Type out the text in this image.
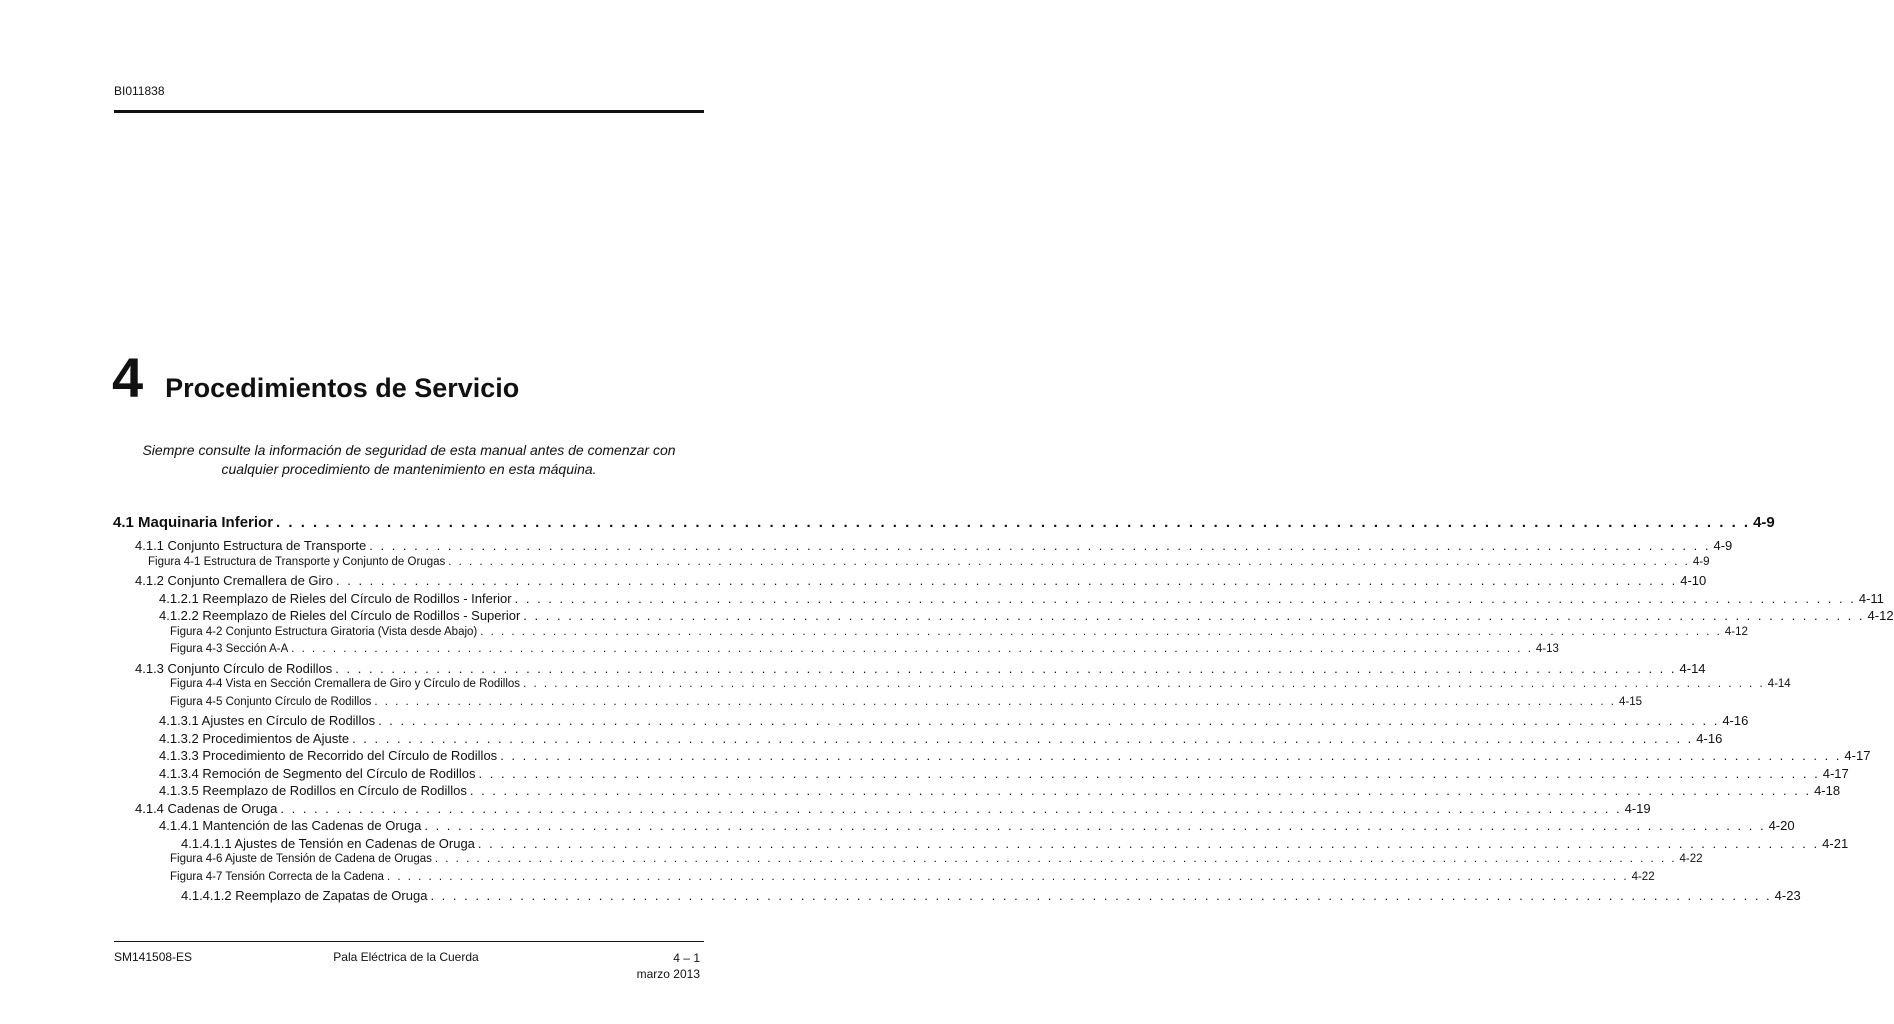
BI011838
4 Procedimientos de Servicio
Siempre consulte la información de seguridad de esta manual antes de comenzar con cualquier procedimiento de mantenimiento en esta máquina.
4.1 Maquinaria Inferior . . . . . . . . . . . . . . . . . . . . . . . . . . . . . . . . . . . . . . . . . . . . . . . . . . . . . . . . . . . . . . . . . . . . . . . . . . . . . . . . . . . . . . . . . . . . . . . . . . . . . . . . . . . . . . . . . . . . . . . . 4-9
4.1.1 Conjunto Estructura de Transporte . . . . . . . . . . . . . . . . . . . . . . . . . . . . . . . . . . . . . . . . . . . . . . . . . . . . . . . . . . . . . . . . . . . . . . . . . . . . . . . . . . . . . . . . . . . . . . . . . . . . . . . . . . . . . . . . . . . . . . . . 4-9
Figura 4-1 Estructura de Transporte y Conjunto de Orugas . . . . . . . . . . . . . . . . . . . . . . . . . . . . . . . . . . . . . . . . . . . . . . . . . . . . . . . . . . . . . . . . . . . . . . . . . . . . . . . . . . . . . . . . . . . . . . . . . . . . . . . . . . . . . . . . . . . . . . . . 4-9
4.1.2 Conjunto Cremallera de Giro . . . . . . . . . . . . . . . . . . . . . . . . . . . . . . . . . . . . . . . . . . . . . . . . . . . . . . . . . . . . . . . . . . . . . . . . . . . . . . . . . . . . . . . . . . . . . . . . . . . . . . . . . . . . . . . . . . . . . . . . 4-10
4.1.2.1 Reemplazo de Rieles del Círculo de Rodillos - Inferior . . . . . . . . . . . . . . . . . . . . . . . . . . . . . . . . . . . . . . . . . . . . . . . . . . . . . . . . . . . . . . . . . . . . . . . . . . . . . . . . . . . . . . . . . . . . . . . . . . . . . . . . . . . . . . . . . . . . . . . . 4-11
4.1.2.2 Reemplazo de Rieles del Círculo de Rodillos - Superior . . . . . . . . . . . . . . . . . . . . . . . . . . . . . . . . . . . . . . . . . . . . . . . . . . . . . . . . . . . . . . . . . . . . . . . . . . . . . . . . . . . . . . . . . . . . . . . . . . . . . . . . . . . . . . . . . . . . . . . . 4-12
Figura 4-2 Conjunto Estructura Giratoria (Vista desde Abajo) . . . . . . . . . . . . . . . . . . . . . . . . . . . . . . . . . . . . . . . . . . . . . . . . . . . . . . . . . . . . . . . . . . . . . . . . . . . . . . . . . . . . . . . . . . . . . . . . . . . . . . . . . . . . . . . . . . . . . . . . 4-12
Figura 4-3 Sección A-A . . . . . . . . . . . . . . . . . . . . . . . . . . . . . . . . . . . . . . . . . . . . . . . . . . . . . . . . . . . . . . . . . . . . . . . . . . . . . . . . . . . . . . . . . . . . . . . . . . . . . . . . . . . . . . . . . . . . . . . . 4-13
4.1.3 Conjunto Círculo de Rodillos . . . . . . . . . . . . . . . . . . . . . . . . . . . . . . . . . . . . . . . . . . . . . . . . . . . . . . . . . . . . . . . . . . . . . . . . . . . . . . . . . . . . . . . . . . . . . . . . . . . . . . . . . . . . . . . . . . . . . . . . 4-14
Figura 4-4 Vista en Sección Cremallera de Giro y Círculo de Rodillos . . . . . . . . . . . . . . . . . . . . . . . . . . . . . . . . . . . . . . . . . . . . . . . . . . . . . . . . . . . . . . . . . . . . . . . . . . . . . . . . . . . . . . . . . . . . . . . . . . . . . . . . . . . . . . . . . . . . . . . . 4-14
Figura 4-5 Conjunto Círculo de Rodillos . . . . . . . . . . . . . . . . . . . . . . . . . . . . . . . . . . . . . . . . . . . . . . . . . . . . . . . . . . . . . . . . . . . . . . . . . . . . . . . . . . . . . . . . . . . . . . . . . . . . . . . . . . . . . . . . . . . . . . . . 4-15
4.1.3.1 Ajustes en Círculo de Rodillos . . . . . . . . . . . . . . . . . . . . . . . . . . . . . . . . . . . . . . . . . . . . . . . . . . . . . . . . . . . . . . . . . . . . . . . . . . . . . . . . . . . . . . . . . . . . . . . . . . . . . . . . . . . . . . . . . . . . . . . . 4-16
4.1.3.2 Procedimientos de Ajuste . . . . . . . . . . . . . . . . . . . . . . . . . . . . . . . . . . . . . . . . . . . . . . . . . . . . . . . . . . . . . . . . . . . . . . . . . . . . . . . . . . . . . . . . . . . . . . . . . . . . . . . . . . . . . . . . . . . . . . . . 4-16
4.1.3.3 Procedimiento de Recorrido del Círculo de Rodillos . . . . . . . . . . . . . . . . . . . . . . . . . . . . . . . . . . . . . . . . . . . . . . . . . . . . . . . . . . . . . . . . . . . . . . . . . . . . . . . . . . . . . . . . . . . . . . . . . . . . . . . . . . . . . . . . . . . . . . . . 4-17
4.1.3.4 Remoción de Segmento del Círculo de Rodillos . . . . . . . . . . . . . . . . . . . . . . . . . . . . . . . . . . . . . . . . . . . . . . . . . . . . . . . . . . . . . . . . . . . . . . . . . . . . . . . . . . . . . . . . . . . . . . . . . . . . . . . . . . . . . . . . . . . . . . . . 4-17
4.1.3.5 Reemplazo de Rodillos en Círculo de Rodillos . . . . . . . . . . . . . . . . . . . . . . . . . . . . . . . . . . . . . . . . . . . . . . . . . . . . . . . . . . . . . . . . . . . . . . . . . . . . . . . . . . . . . . . . . . . . . . . . . . . . . . . . . . . . . . . . . . . . . . . . 4-18
4.1.4 Cadenas de Oruga . . . . . . . . . . . . . . . . . . . . . . . . . . . . . . . . . . . . . . . . . . . . . . . . . . . . . . . . . . . . . . . . . . . . . . . . . . . . . . . . . . . . . . . . . . . . . . . . . . . . . . . . . . . . . . . . . . . . . . . . 4-19
4.1.4.1 Mantención de las Cadenas de Oruga . . . . . . . . . . . . . . . . . . . . . . . . . . . . . . . . . . . . . . . . . . . . . . . . . . . . . . . . . . . . . . . . . . . . . . . . . . . . . . . . . . . . . . . . . . . . . . . . . . . . . . . . . . . . . . . . . . . . . . . . 4-20
4.1.4.1.1 Ajustes de Tensión en Cadenas de Oruga . . . . . . . . . . . . . . . . . . . . . . . . . . . . . . . . . . . . . . . . . . . . . . . . . . . . . . . . . . . . . . . . . . . . . . . . . . . . . . . . . . . . . . . . . . . . . . . . . . . . . . . . . . . . . . . . . . . . . . . . 4-21
Figura 4-6 Ajuste de Tensión de Cadena de Orugas . . . . . . . . . . . . . . . . . . . . . . . . . . . . . . . . . . . . . . . . . . . . . . . . . . . . . . . . . . . . . . . . . . . . . . . . . . . . . . . . . . . . . . . . . . . . . . . . . . . . . . . . . . . . . . . . . . . . . . . . 4-22
Figura 4-7 Tensión Correcta de la Cadena . . . . . . . . . . . . . . . . . . . . . . . . . . . . . . . . . . . . . . . . . . . . . . . . . . . . . . . . . . . . . . . . . . . . . . . . . . . . . . . . . . . . . . . . . . . . . . . . . . . . . . . . . . . . . . . . . . . . . . . . 4-22
4.1.4.1.2 Reemplazo de Zapatas de Oruga . . . . . . . . . . . . . . . . . . . . . . . . . . . . . . . . . . . . . . . . . . . . . . . . . . . . . . . . . . . . . . . . . . . . . . . . . . . . . . . . . . . . . . . . . . . . . . . . . . . . . . . . . . . . . . . . . . . . . . . . 4-23
SM141508-ES	Pala Eléctrica de la Cuerda	4 – 1
marzo 2013
